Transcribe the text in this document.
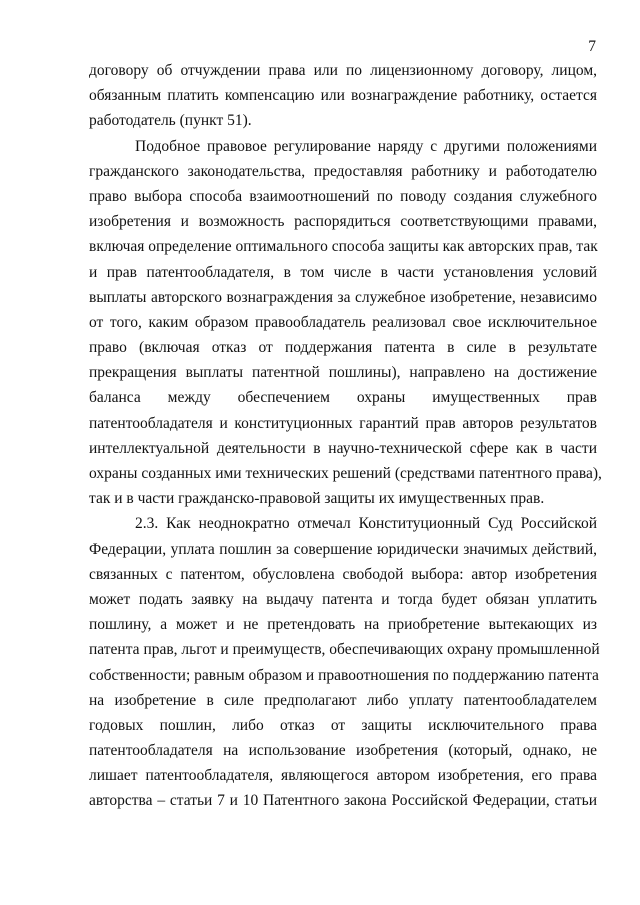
7
договору об отчуждении права или по лицензионному договору, лицом,
обязанным платить компенсацию или вознаграждение работнику, остается
работодатель (пункт 51).
Подобное правовое регулирование наряду с другими положениями
гражданского законодательства, предоставляя работнику и работодателю
право выбора способа взаимоотношений по поводу создания служебного
изобретения и возможность распорядиться соответствующими правами,
включая определение оптимального способа защиты как авторских прав, так
и прав патентообладателя, в том числе в части установления условий
выплаты авторского вознаграждения за служебное изобретение, независимо
от того, каким образом правообладатель реализовал свое исключительное
право (включая отказ от поддержания патента в силе в результате
прекращения выплаты патентной пошлины), направлено на достижение
баланса между обеспечением охраны имущественных прав
патентообладателя и конституционных гарантий прав авторов результатов
интеллектуальной деятельности в научно-технической сфере как в части
охраны созданных ими технических решений (средствами патентного права),
так и в части гражданско-правовой защиты их имущественных прав.
2.3. Как неоднократно отмечал Конституционный Суд Российской
Федерации, уплата пошлин за совершение юридически значимых действий,
связанных с патентом, обусловлена свободой выбора: автор изобретения
может подать заявку на выдачу патента и тогда будет обязан уплатить
пошлину, а может и не претендовать на приобретение вытекающих из
патента прав, льгот и преимуществ, обеспечивающих охрану промышленной
собственности; равным образом и правоотношения по поддержанию патента
на изобретение в силе предполагают либо уплату патентообладателем
годовых пошлин, либо отказ от защиты исключительного права
патентообладателя на использование изобретения (который, однако, не
лишает патентообладателя, являющегося автором изобретения, его права
авторства – статьи 7 и 10 Патентного закона Российской Федерации, статьи
